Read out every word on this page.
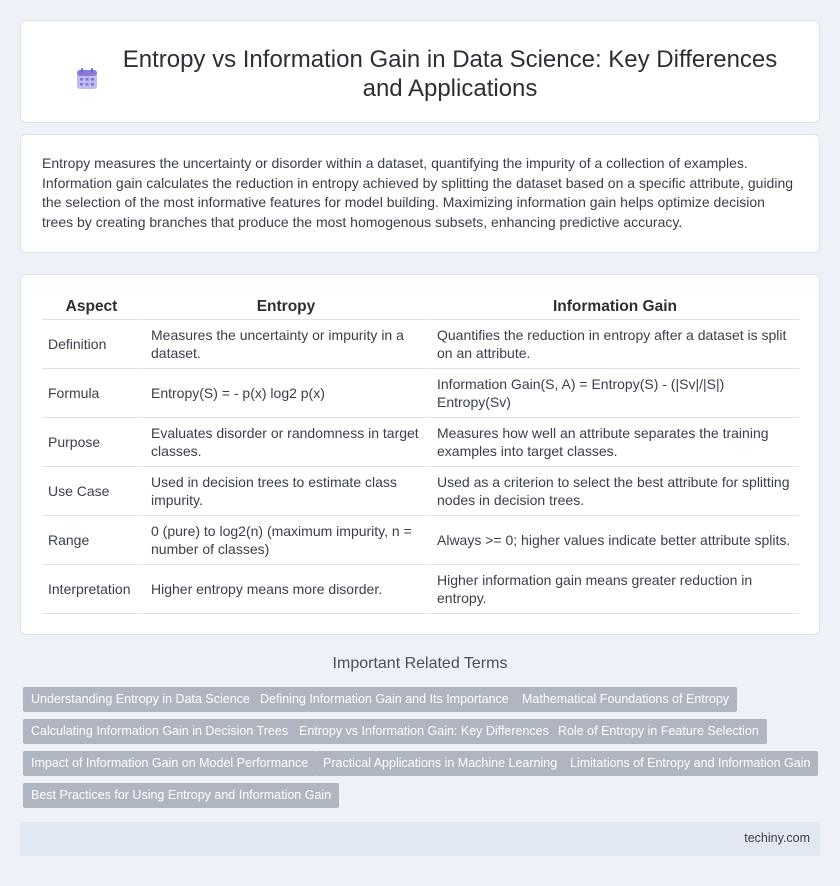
Entropy vs Information Gain in Data Science: Key Differences and Applications

Entropy measures the uncertainty or disorder within a dataset, quantifying the impurity of a collection of examples. Information gain calculates the reduction in entropy achieved by splitting the dataset based on a specific attribute, guiding the selection of the most informative features for model building. Maximizing information gain helps optimize decision trees by creating branches that produce the most homogenous subsets, enhancing predictive accuracy.

Aspect	Entropy	Information Gain
Definition	Measures the uncertainty or impurity in a dataset.	Quantifies the reduction in entropy after a dataset is split on an attribute.
Formula	Entropy(S) = - p(x) log2 p(x)	Information Gain(S, A) = Entropy(S) - (|Sv|/|S|) Entropy(Sv)
Purpose	Evaluates disorder or randomness in target classes.	Measures how well an attribute separates the training examples into target classes.
Use Case	Used in decision trees to estimate class impurity.	Used as a criterion to select the best attribute for splitting nodes in decision trees.
Range	0 (pure) to log2(n) (maximum impurity, n = number of classes)	Always >= 0; higher values indicate better attribute splits.
Interpretation	Higher entropy means more disorder.	Higher information gain means greater reduction in entropy.
Important Related Terms
Understanding Entropy in Data Science Defining Information Gain and Its Importance	Mathematical Foundations of Entropy
Calculating Information Gain in Decision Trees Entropy vs Information Gain: Key Differences Role of Entropy in Feature Selection
Impact of Information Gain on Model Performance	Practical Applications in Machine Learning	Limitations of Entropy and Information Gain
Best Practices for Using Entropy and Information Gain
techiny.com
